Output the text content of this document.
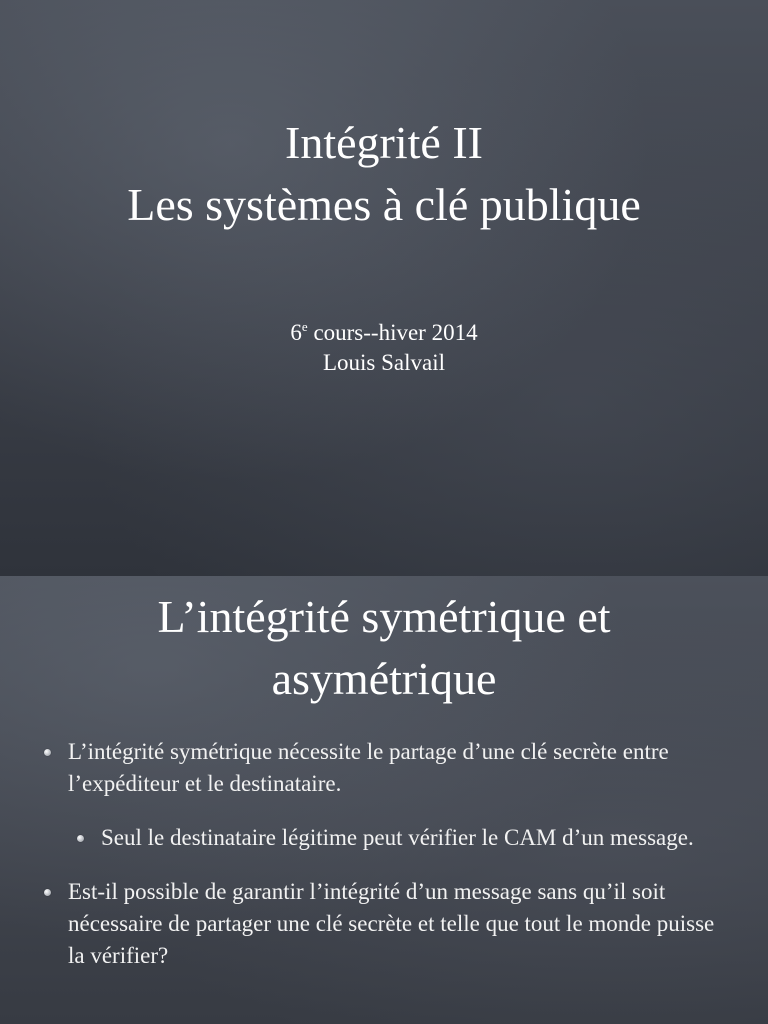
Intégrité II
Les systèmes à clé publique
6e cours--hiver 2014
Louis Salvail
L’intégrité symétrique et
asymétrique
L’intégrité symétrique nécessite le partage d’une clé secrète entre l’expéditeur et le destinataire.
Seul le destinataire légitime peut vérifier le CAM d’un message.
Est-il possible de garantir l’intégrité d’un message sans qu’il soit nécessaire de partager une clé secrète et telle que tout le monde puisse la vérifier?
